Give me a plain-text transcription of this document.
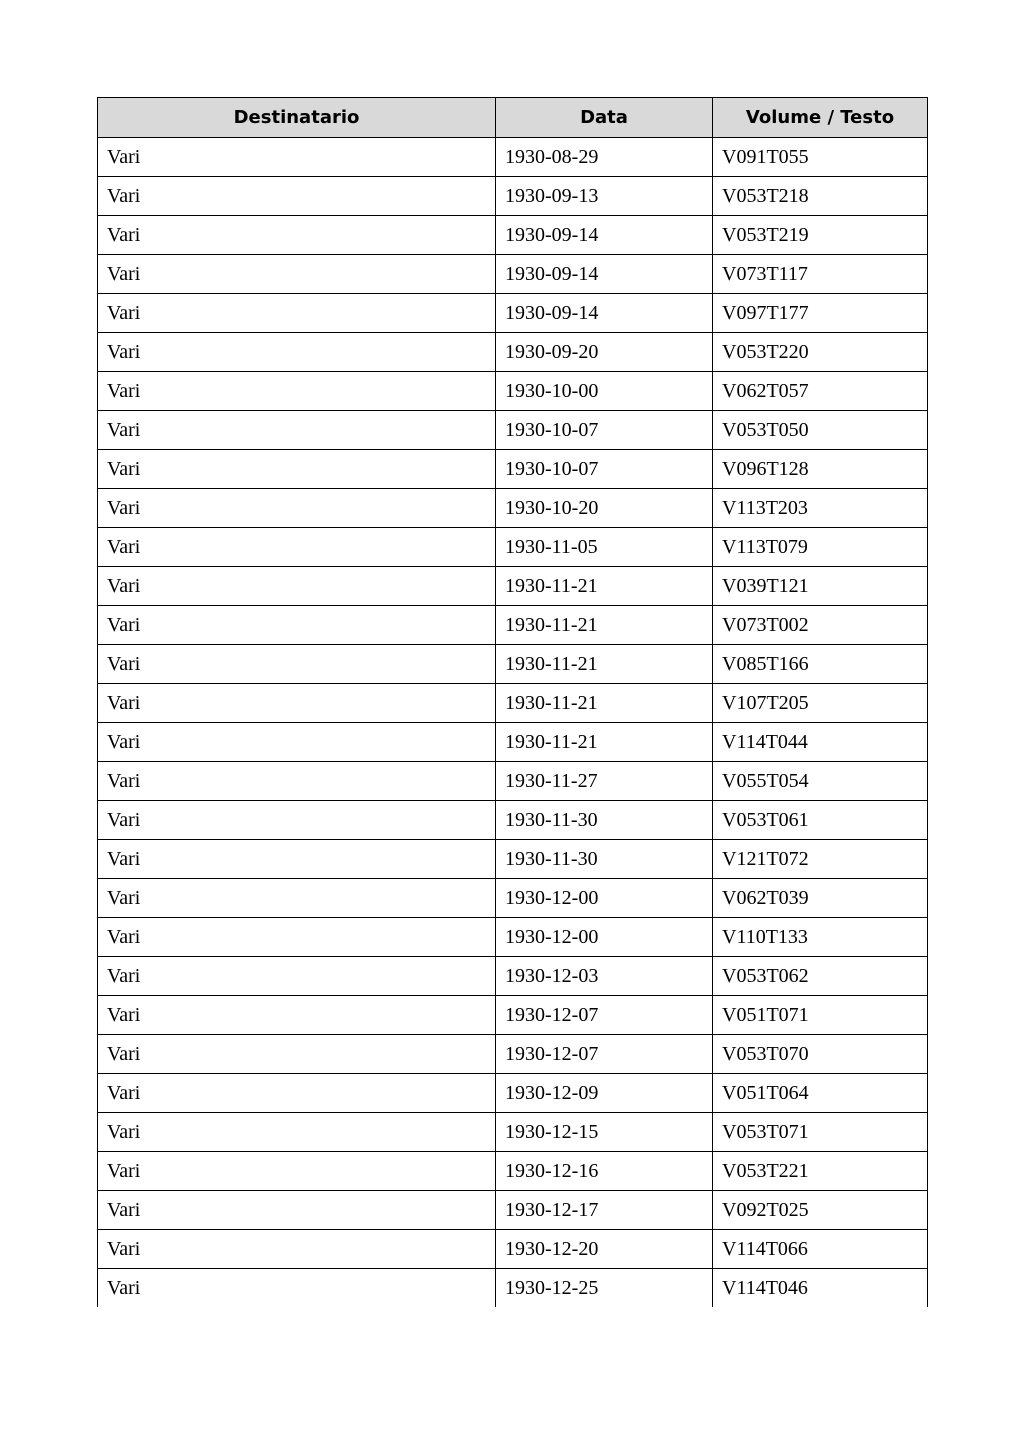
Destinatario	Data	Volume / Testo
Vari	1930-08-29	V091T055
Vari	1930-09-13	V053T218
Vari	1930-09-14	V053T219
Vari	1930-09-14	V073T117
Vari	1930-09-14	V097T177
Vari	1930-09-20	V053T220
Vari	1930-10-00	V062T057
Vari	1930-10-07	V053T050
Vari	1930-10-07	V096T128
Vari	1930-10-20	V113T203
Vari	1930-11-05	V113T079
Vari	1930-11-21	V039T121
Vari	1930-11-21	V073T002
Vari	1930-11-21	V085T166
Vari	1930-11-21	V107T205
Vari	1930-11-21	V114T044
Vari	1930-11-27	V055T054
Vari	1930-11-30	V053T061
Vari	1930-11-30	V121T072
Vari	1930-12-00	V062T039
Vari	1930-12-00	V110T133
Vari	1930-12-03	V053T062
Vari	1930-12-07	V051T071
Vari	1930-12-07	V053T070
Vari	1930-12-09	V051T064
Vari	1930-12-15	V053T071
Vari	1930-12-16	V053T221
Vari	1930-12-17	V092T025
Vari	1930-12-20	V114T066
Vari	1930-12-25	V114T046
